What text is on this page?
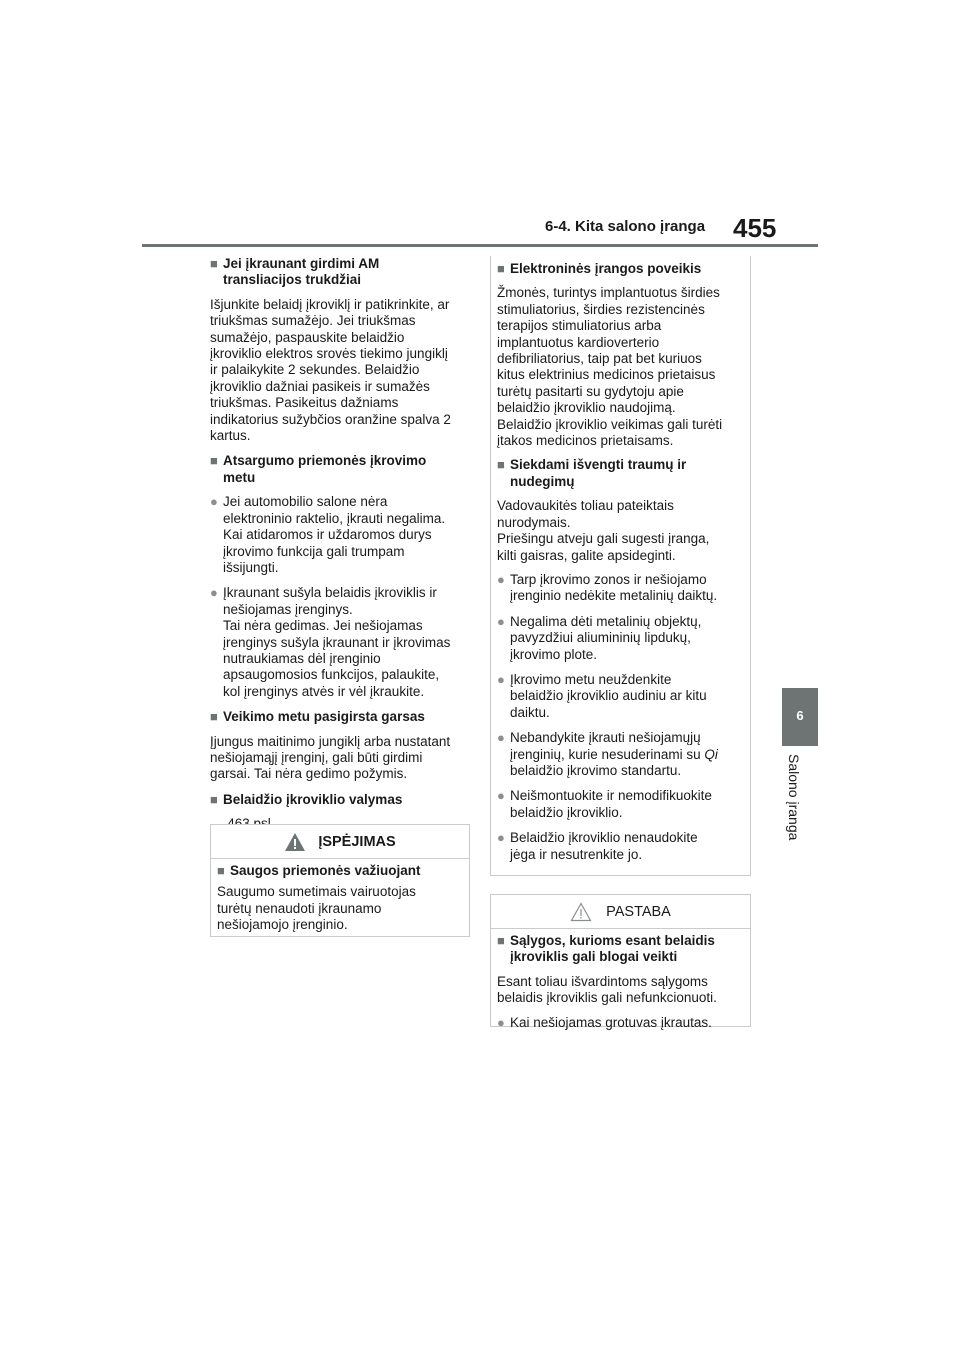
6-4. Kita salono įranga 455
6
Salono įranga
■ Jei įkraunant girdimi AM
transliacijos trukdžiai

Išjunkite belaidį įkroviklį ir patikrinkite, ar
triukšmas sumažėjo. Jei triukšmas
sumažėjo, paspauskite belaidžio
įkroviklio elektros srovės tiekimo jungiklį
ir palaikykite 2 sekundes. Belaidžio
įkroviklio dažniai pasikeis ir sumažės
triukšmas. Pasikeitus dažniams
indikatorius sužybčios oranžine spalva 2
kartus.

■ Atsargumo priemonės įkrovimo
metu
● Jei automobilio salone nėra
elektroninio raktelio, įkrauti negalima.
Kai atidaromos ir uždaromos durys
įkrovimo funkcija gali trumpam
išsijungti.
● Įkraunant sušyla belaidis įkroviklis ir
nešiojamas įrenginys.
Tai nėra gedimas. Jei nešiojamas
įrenginys sušyla įkraunant ir įkrovimas
nutraukiamas dėl įrenginio
apsaugomosios funkcijos, palaukite,
kol įrenginys atvės ir vėl įkraukite.
■ Veikimo metu pasigirsta garsas

Įjungus maitinimo jungiklį arba nustatant
nešiojamąjį įrenginį, gali būti girdimi
garsai. Tai nėra gedimo požymis.

■ Belaidžio įkroviklio valymas
ĮSPĖJIMAS
■ Saugos priemonės važiuojant

Saugumo sumetimais vairuotojas
turėtų nenaudoti įkraunamo
nešiojamojo įrenginio.

■ Elektroninės įrangos poveikis

Žmonės, turintys implantuotus širdies
stimuliatorius, širdies rezistencinės
terapijos stimuliatorius arba
implantuotus kardioverterio
defibriliatorius, taip pat bet kuriuos
kitus elektrinius medicinos prietaisus
turėtų pasitarti su gydytoju apie
belaidžio įkroviklio naudojimą.
Belaidžio įkroviklio veikimas gali turėti
įtakos medicinos prietaisams.

■ Siekdami išvengti traumų ir
nudegimų

Vadovaukitės toliau pateiktais
nurodymais.
Priešingu atveju gali sugesti įranga,
kilti gaisras, galite apsideginti.

● Tarp įkrovimo zonos ir nešiojamo
įrenginio nedėkite metalinių daiktų.
● Negalima dėti metalinių objektų,
pavyzdžiui aliumininių lipdukų,
įkrovimo plote.
● Įkrovimo metu neuždenkite
belaidžio įkroviklio audiniu ar kitu
daiktu.
● Nebandykite įkrauti nešiojamųjų
įrenginių, kurie nesuderinami su Qi
belaidžio įkrovimo standartu.
● Neišmontuokite ir nemodifikuokite
belaidžio įkroviklio.
● Belaidžio įkroviklio nenaudokite
jėga ir nesutrenkite jo.
PASTABA
■ Sąlygos, kurioms esant belaidis
įkroviklis gali blogai veikti

Esant toliau išvardintoms sąlygoms
belaidis įkroviklis gali nefunkcionuoti.

● Kai nešiojamas grotuvas įkrautas.
